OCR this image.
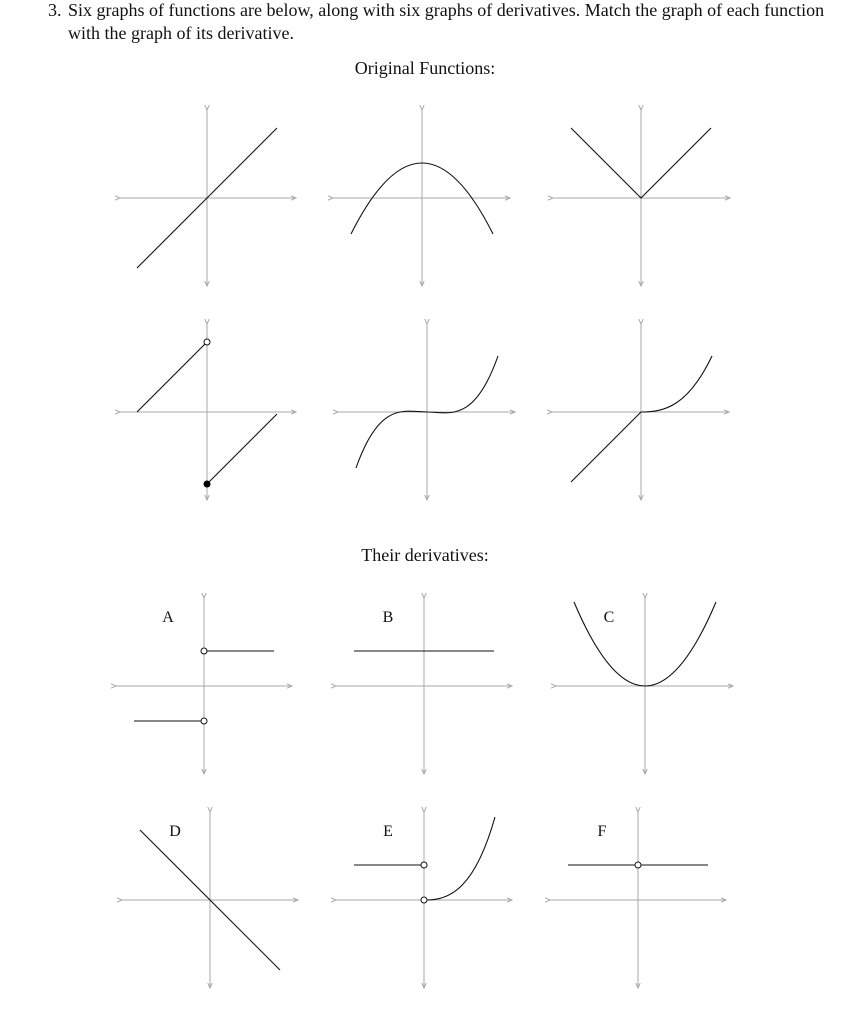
3. Six graphs of functions are below, along with six graphs of derivatives. Match the graph of each function with the graph of its derivative.
Original Functions:
Their derivatives:
A	B	C
D	E	F
